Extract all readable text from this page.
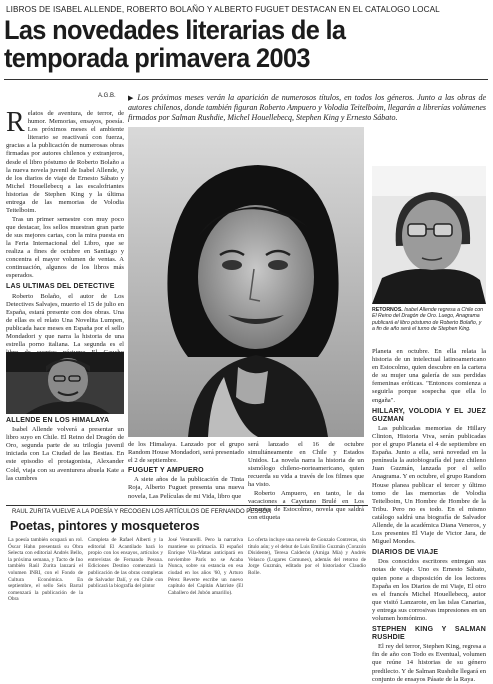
LIBROS DE ISABEL ALLENDE, ROBERTO BOLAÑO Y ALBERTO FUGUET DESTACAN EN EL CATALOGO LOCAL
Las novedades literarias de la
temporada primavera 2003
A.G.B. ▶ Los próximos meses verán la aparición de numerosos títulos, en todos los géneros. Junto a las obras de autores chilenos, donde también figuran Roberto Ampuero y Volodia Teitelboim, llegarán a librerías volúmenes firmados por Salman Rushdie, Michel Houellebecq, Stephen King y Ernesto Sábato.
R elatos de aventura, de terror, de humor. Memorias, ensayos, poesía. Los próximos meses el ambiente literario se reactivará con fuerza, gracias a la publicación de numerosas obras firmadas por autores chilenos y extranjeros, desde el libro póstumo de Roberto Bolaño a la nueva novela juvenil de Isabel Allende, y de los diarios de viaje de Ernesto Sábato y Michel Houellebecq a las escalofriantes historias de Stephen King y la última entrega de las memorias de Volodia Teitelboim.

Tras un primer semestre con muy poco que destacar, los sellos muestran gran parte de sus mejores cartas, con la mira puesta en la Feria Internacional del Libro, que se realiza a fines de octubre en Santiago y concentra el mayor volumen de ventas. A continuación, algunos de los libros más esperados.

LAS ULTIMAS DEL DETECTIVE

Roberto Bolaño, el autor de Los Detectives Salvajes, muerto el 15 de julio en España, estará presente con dos obras. Una de ellas es el relato Una Novelita Lumpen, publicada hace meses en España por el sello Mondadori y que narra la historia de una estrella porno italiana. La segunda es el

ALLENDE EN LOS HIMALAYA

Isabel Allende volverá a presentar un libro suyo en Chile. El Reino del Dragón de Oro, segunda parte de su trilogía juvenil iniciada con La Ciudad de las Bestias. En este episodio el protagonista, Alexander Cold, viaja con su aventurera abuela Kate a las cumbres

RETORNOS. Isabel Allende regresa a Chile con El Reino del Dragón de Oro. Luego, Anagrama publicará el libro póstumo de Roberto Bolaño, y a fin de año será el turno de Stephen King.

de los Himalaya. Lanzado por el grupo Random House Mondadori, será presentado el 2 de septiembre.

FUGUET Y AMPUERO

A siete años de la publicación de Tinta Roja, Alberto Fuguet presenta una nueva novela, Las Películas de mi Vida, libro que

será lanzado el 16 de octubre simultáneamente en Chile y Estados Unidos. La novela narra la historia de un sismólogo chileno-norteamericano, quien recuerda su vida a través de los filmes que ha visto.

Roberto Ampuero, en tanto, le da vacaciones a Cayetano Brulé en Los Amantes de Estocolmo, novela que saldrá con etiqueta

Planeta en octubre. En ella relata la historia de un intelectual latinoamericano en Estocolmo, quien descubre en la cartera de su mujer una galería de sus perdidas femeninas eróticas. "Entonces comienza a seguirla porque sospecha que ella lo engaña".

HILLARY, VOLODIA Y EL JUEZ GUZMAN

Las publicadas memorias de Hillary Clinton, Historia Viva, serán publicadas por el grupo Planeta el 4 de septiembre en España. Junto a ella, será novedad en la península la autobiografía del juez chileno Juan Guzmán, lanzada por el sello Anagrama. Y en octubre, el grupo Random House planea publicar el tercer y último tomo de las memorias de Volodia Teitelboim, Un Hombre de Hombre de la Tribu. Pero no es todo. En el mismo catálogo saldrá una biografía de Salvador Allende, de la académica Diana Veneros, y Los presentes El Viaje de Victor Jara, de Miguel Mondes.

DIARIOS DE VIAJE

Dos conocidos escritores entregan sus notas de viaje. Uno es Ernesto Sábato, quien pone a disposición de los lectores España en los Diarios de mi Viaje, El otro es el francés Michel Houellebecq, autor que visitó Lanzarote, en las islas Canarias, y entrega sus corrosivas impresiones en un volumen homónimo.

STEPHEN KING Y SALMAN RUSHDIE

El rey del terror, Stephen King, regresa a fin de año con Todo es Eventual, volumen que reúne 14 historias de su género predilecto. Y de Salman Rushdie llegará en conjunto de ensayos Pásate de la Raya.

RAUL ZURITA VUELVE A LA POESÍA Y RECOGEN LOS ARTÍCULOS DE FERNANDO PESSOA
Poetas, pintores y mosqueteros
La poesía también ocupará un rol. Óscar Hahn presentará su Obra Selecta con editorial Andrés Bello, la próxima semana, y Tacto de Ino también Raúl Zurita lanzará el volumen INRI, con el Fondo de Cultura Económica. En septiembre, el sello Seix Barral comenzará la publicación de la Obra
Completa de Rafael Alberti y la editorial El Acantilado hará lo propio con los ensayos, artículos y entrevistas de Fernando Pessoa. Ediciones Destino comenzará la publicación de las obras completas de Salvador Dalí, y en Chile con publicará la biografía del pintor
José Venturelli. Pero la narrativa mantiene su primacía. El español Enrique Vila-Matas anticipará en noviembre París no se Acaba Nunca, sobre su estancia en esa ciudad en los años '60, y Arturo Pérez Reverte escribe un nuevo capítulo del Capitán Alatriste (El Caballero del Jubón amarillo).
Lo oferta incluye una novela de Gonzalo Contreras, sin título aún; y el debut de Luis Emilio Guzmán (Corazón Disidente), Teresa Calderón (Amiga Mía) y Andrés Velasco (Lugares Comunes), además del retorno de Jorge Guzmán, editado por el historiador Claudio Rolle.
